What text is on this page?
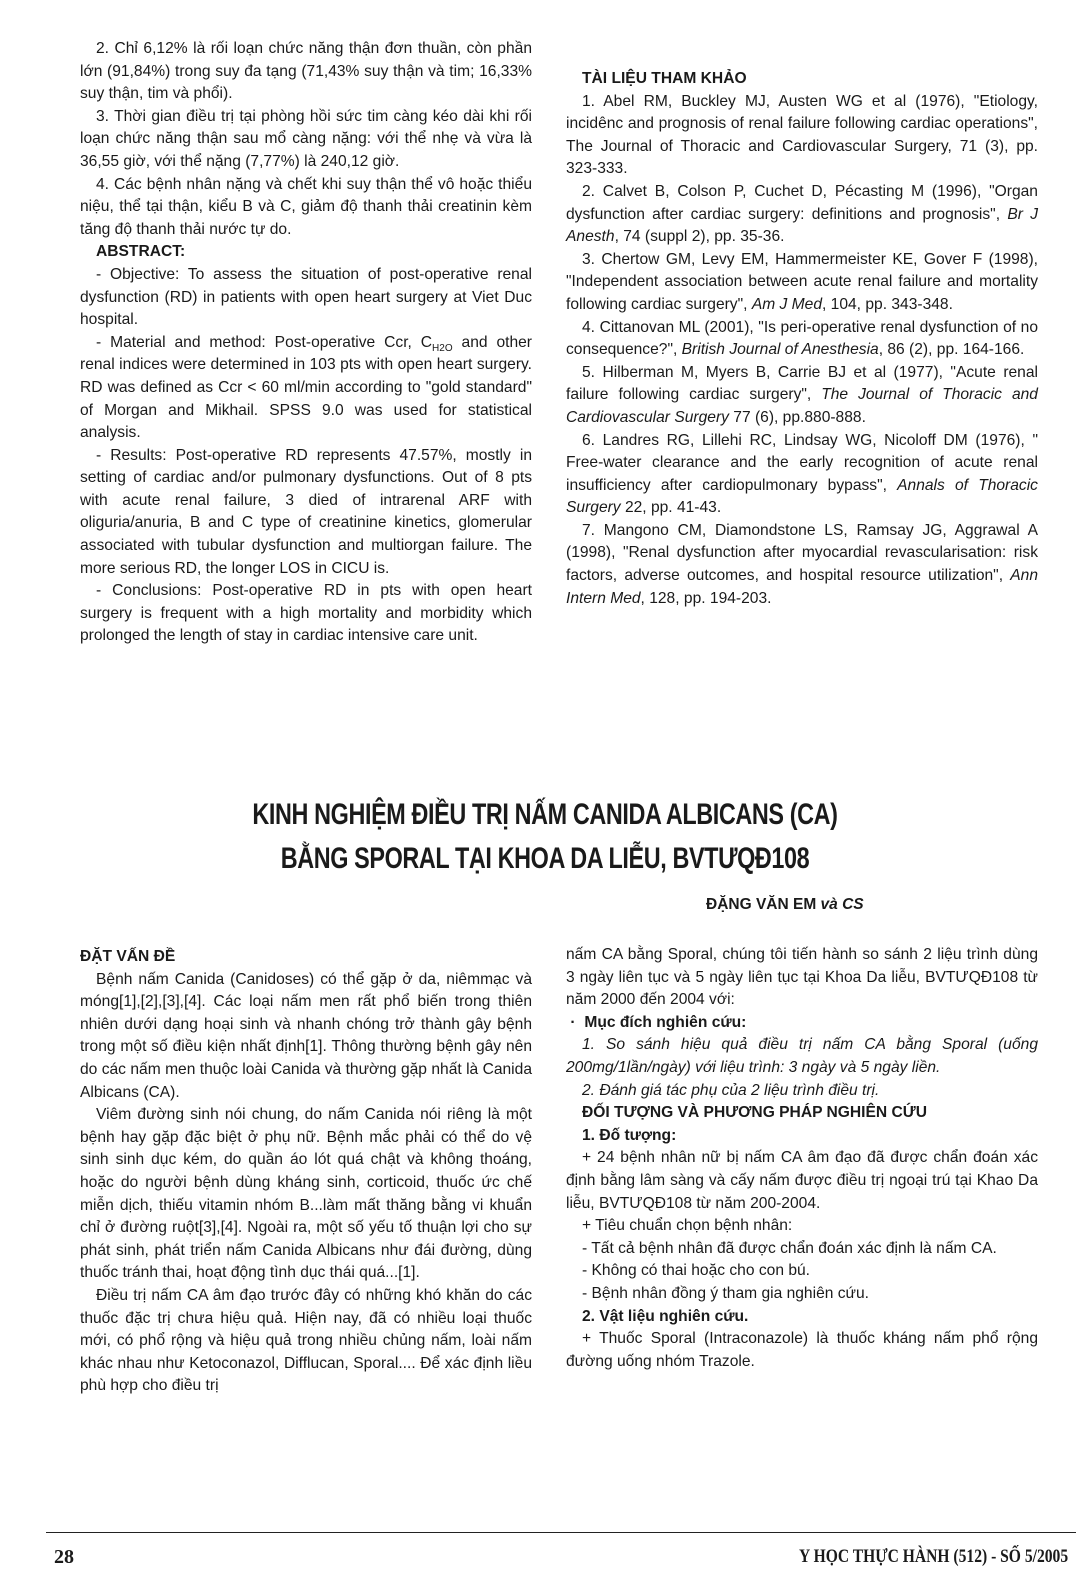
2. Chỉ 6,12% là rối loạn chức năng thận đơn thuần, còn phần lớn (91,84%) trong suy đa tạng (71,43% suy thận và tim; 16,33% suy thận, tim và phổi).

3. Thời gian điều trị tại phòng hồi sức tim càng kéo dài khi rối loạn chức năng thận sau mổ càng nặng: với thể nhẹ và vừa là 36,55 giờ, với thể nặng (7,77%) là 240,12 giờ.

4. Các bệnh nhân nặng và chết khi suy thận thể vô hoặc thiểu niệu, thể tại thận, kiểu B và C, giảm độ thanh thải creatinin kèm tăng độ thanh thải nước tự do.

ABSTRACT:

- Objective: To assess the situation of post-operative renal dysfunction (RD) in patients with open heart surgery at Viet Duc hospital.

- Material and method: Post-operative Ccr, $C_{H2O}$ and other renal indices were determined in 103 pts with open heart surgery. RD was defined as Ccr < 60 ml/min according to "gold standard" of Morgan and Mikhail. SPSS 9.0 was used for statistical analysis.

- Results: Post-operative RD represents 47.57%, mostly in setting of cardiac and/or pulmonary dysfunctions. Out of 8 pts with acute renal failure, 3 died of intrarenal ARF with oliguria/anuria, B and C type of creatinine kinetics, glomerular associated with tubular dysfunction and multiorgan failure. The more serious RD, the longer LOS in CICU is.

- Conclusions: Post-operative RD in pts with open heart surgery is frequent with a high mortality and morbidity which prolonged the length of stay in cardiac intensive care unit.

TÀI LIỆU THAM KHẢO

1. Abel RM, Buckley MJ, Austen WG et al (1976), "Etiology, incidênc and prognosis of renal failure following cardiac operations", The Journal of Thoracic and Cardiovascular Surgery, 71 (3), pp. 323-333.

2. Calvet B, Colson P, Cuchet D, Pécasting M (1996), "Organ dysfunction after cardiac surgery: definitions and prognosis", Br J Anesth, 74 (suppl 2), pp. 35-36.

3. Chertow GM, Levy EM, Hammermeister KE, Gover F (1998), "Independent association between acute renal failure and mortality following cardiac surgery", Am J Med, 104, pp. 343-348.

4. Cittanovan ML (2001), "Is peri-operative renal dysfunction of no consequence?", British Journal of Anesthesia, 86 (2), pp. 164-166.

5. Hilberman M, Myers B, Carrie BJ et al (1977), "Acute renal failure following cardiac surgery", The Journal of Thoracic and Cardiovascular Surgery 77 (6), pp.880-888.

6. Landres RG, Lillehi RC, Lindsay WG, Nicoloff DM (1976), " Free-water clearance and the early recognition of acute renal insufficiency after cardiopulmonary bypass", Annals of Thoracic Surgery 22, pp. 41-43.

7. Mangono CM, Diamondstone LS, Ramsay JG, Aggrawal A (1998), "Renal dysfunction after myocardial revascularisation: risk factors, adverse outcomes, and hospital resource utilization", Ann Intern Med, 128, pp. 194-203.

KINH NGHIỆM ĐIỀU TRỊ NẤM CANIDA ALBICANS (CA)
BẰNG SPORAL TẠI KHOA DA LIỄU, BVTƯQĐ108
ĐẶNG VĂN EM và CS
ĐẶT VẤN ĐỀ

Bệnh nấm Canida (Canidoses) có thể gặp ở da, niêmmạc và móng[1],[2],[3],[4]. Các loại nấm men rất phổ biến trong thiên nhiên dưới dạng hoại sinh và nhanh chóng trở thành gây bệnh trong một số điều kiện nhất định[1]. Thông thường bệnh gây nên do các nấm men thuộc loài Canida và thường gặp nhất là Canida Albicans (CA).

Viêm đường sinh nói chung, do nấm Canida nói riêng là một bệnh hay gặp đặc biệt ở phụ nữ. Bệnh mắc phải có thể do vệ sinh sinh dục kém, do quần áo lót quá chật và không thoáng, hoặc do người bệnh dùng kháng sinh, corticoid, thuốc ức chế miễn dịch, thiếu vitamin nhóm B...làm mất thăng bằng vi khuẩn chỉ ở đường ruột[3],[4]. Ngoài ra, một số yếu tố thuận lợi cho sự phát sinh, phát triển nấm Canida Albicans như đái đường, dùng thuốc tránh thai, hoạt động tình dục thái quá...[1].

Điều trị nấm CA âm đạo trước đây có những khó khăn do các thuốc đặc trị chưa hiệu quả. Hiện nay, đã có nhiều loại thuốc mới, có phổ rộng và hiệu quả trong nhiều chủng nấm, loài nấm khác nhau như Ketoconazol, Difflucan, Sporal.... Để xác định liều phù hợp cho điều trị

nấm CA bằng Sporal, chúng tôi tiến hành so sánh 2 liệu trình dùng 3 ngày liên tục và 5 ngày liên tục tại Khoa Da liễu, BVTƯQĐ108 từ năm 2000 đến 2004 với:

· Mục đích nghiên cứu:

1. So sánh hiệu quả điều trị nấm CA bằng Sporal (uống 200mg/1lần/ngày) với liệu trình: 3 ngày và 5 ngày liền.

2. Đánh giá tác phụ của 2 liệu trình điều trị.

ĐỐI TƯỢNG VÀ PHƯƠNG PHÁP NGHIÊN CỨU
1. Đố tượng:

+ 24 bệnh nhân nữ bị nấm CA âm đạo đã được chẩn đoán xác định bằng lâm sàng và cấy nấm được điều trị ngoại trú tại Khao Da liễu, BVTƯQĐ108 từ năm 200-2004.

+ Tiêu chuẩn chọn bệnh nhân:

- Tất cả bệnh nhân đã được chẩn đoán xác định là nấm CA.

- Không có thai hoặc cho con bú.

- Bệnh nhân đồng ý tham gia nghiên cứu.

2. Vật liệu nghiên cứu.

+ Thuốc Sporal (Intraconazole) là thuốc kháng nấm phổ rộng đường uống nhóm Trazole.

28	Y HỌC THỰC HÀNH (512) - SỐ 5/2005
